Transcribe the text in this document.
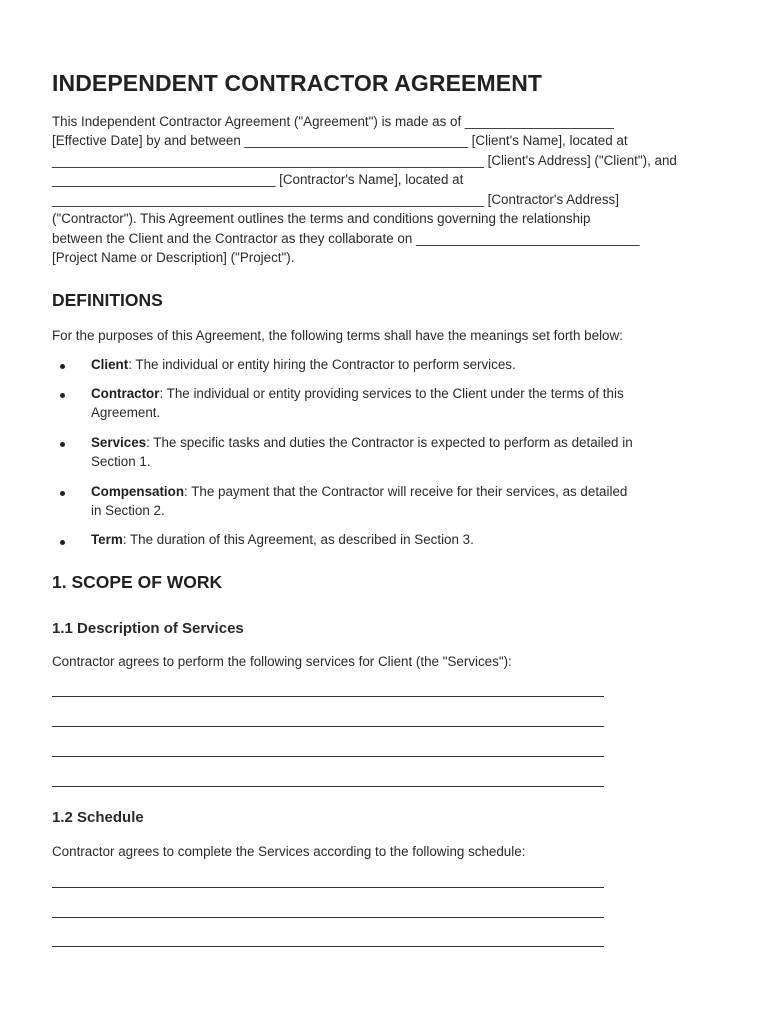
INDEPENDENT CONTRACTOR AGREEMENT
This Independent Contractor Agreement ("Agreement") is made as of ____________________
[Effective Date] by and between ______________________________ [Client's Name], located at
__________________________________________________________ [Client's Address] ("Client"), and
______________________________ [Contractor's Name], located at
__________________________________________________________ [Contractor's Address]
("Contractor"). This Agreement outlines the terms and conditions governing the relationship
between the Client and the Contractor as they collaborate on ______________________________
[Project Name or Description] ("Project").
DEFINITIONS
For the purposes of this Agreement, the following terms shall have the meanings set forth below:
Client: The individual or entity hiring the Contractor to perform services.
Contractor: The individual or entity providing services to the Client under the terms of this
Agreement.
Services: The specific tasks and duties the Contractor is expected to perform as detailed in
Section 1.
Compensation: The payment that the Contractor will receive for their services, as detailed
in Section 2.
Term: The duration of this Agreement, as described in Section 3.
1. SCOPE OF WORK
1.1 Description of Services
Contractor agrees to perform the following services for Client (the "Services"):
1.2 Schedule
Contractor agrees to complete the Services according to the following schedule:
